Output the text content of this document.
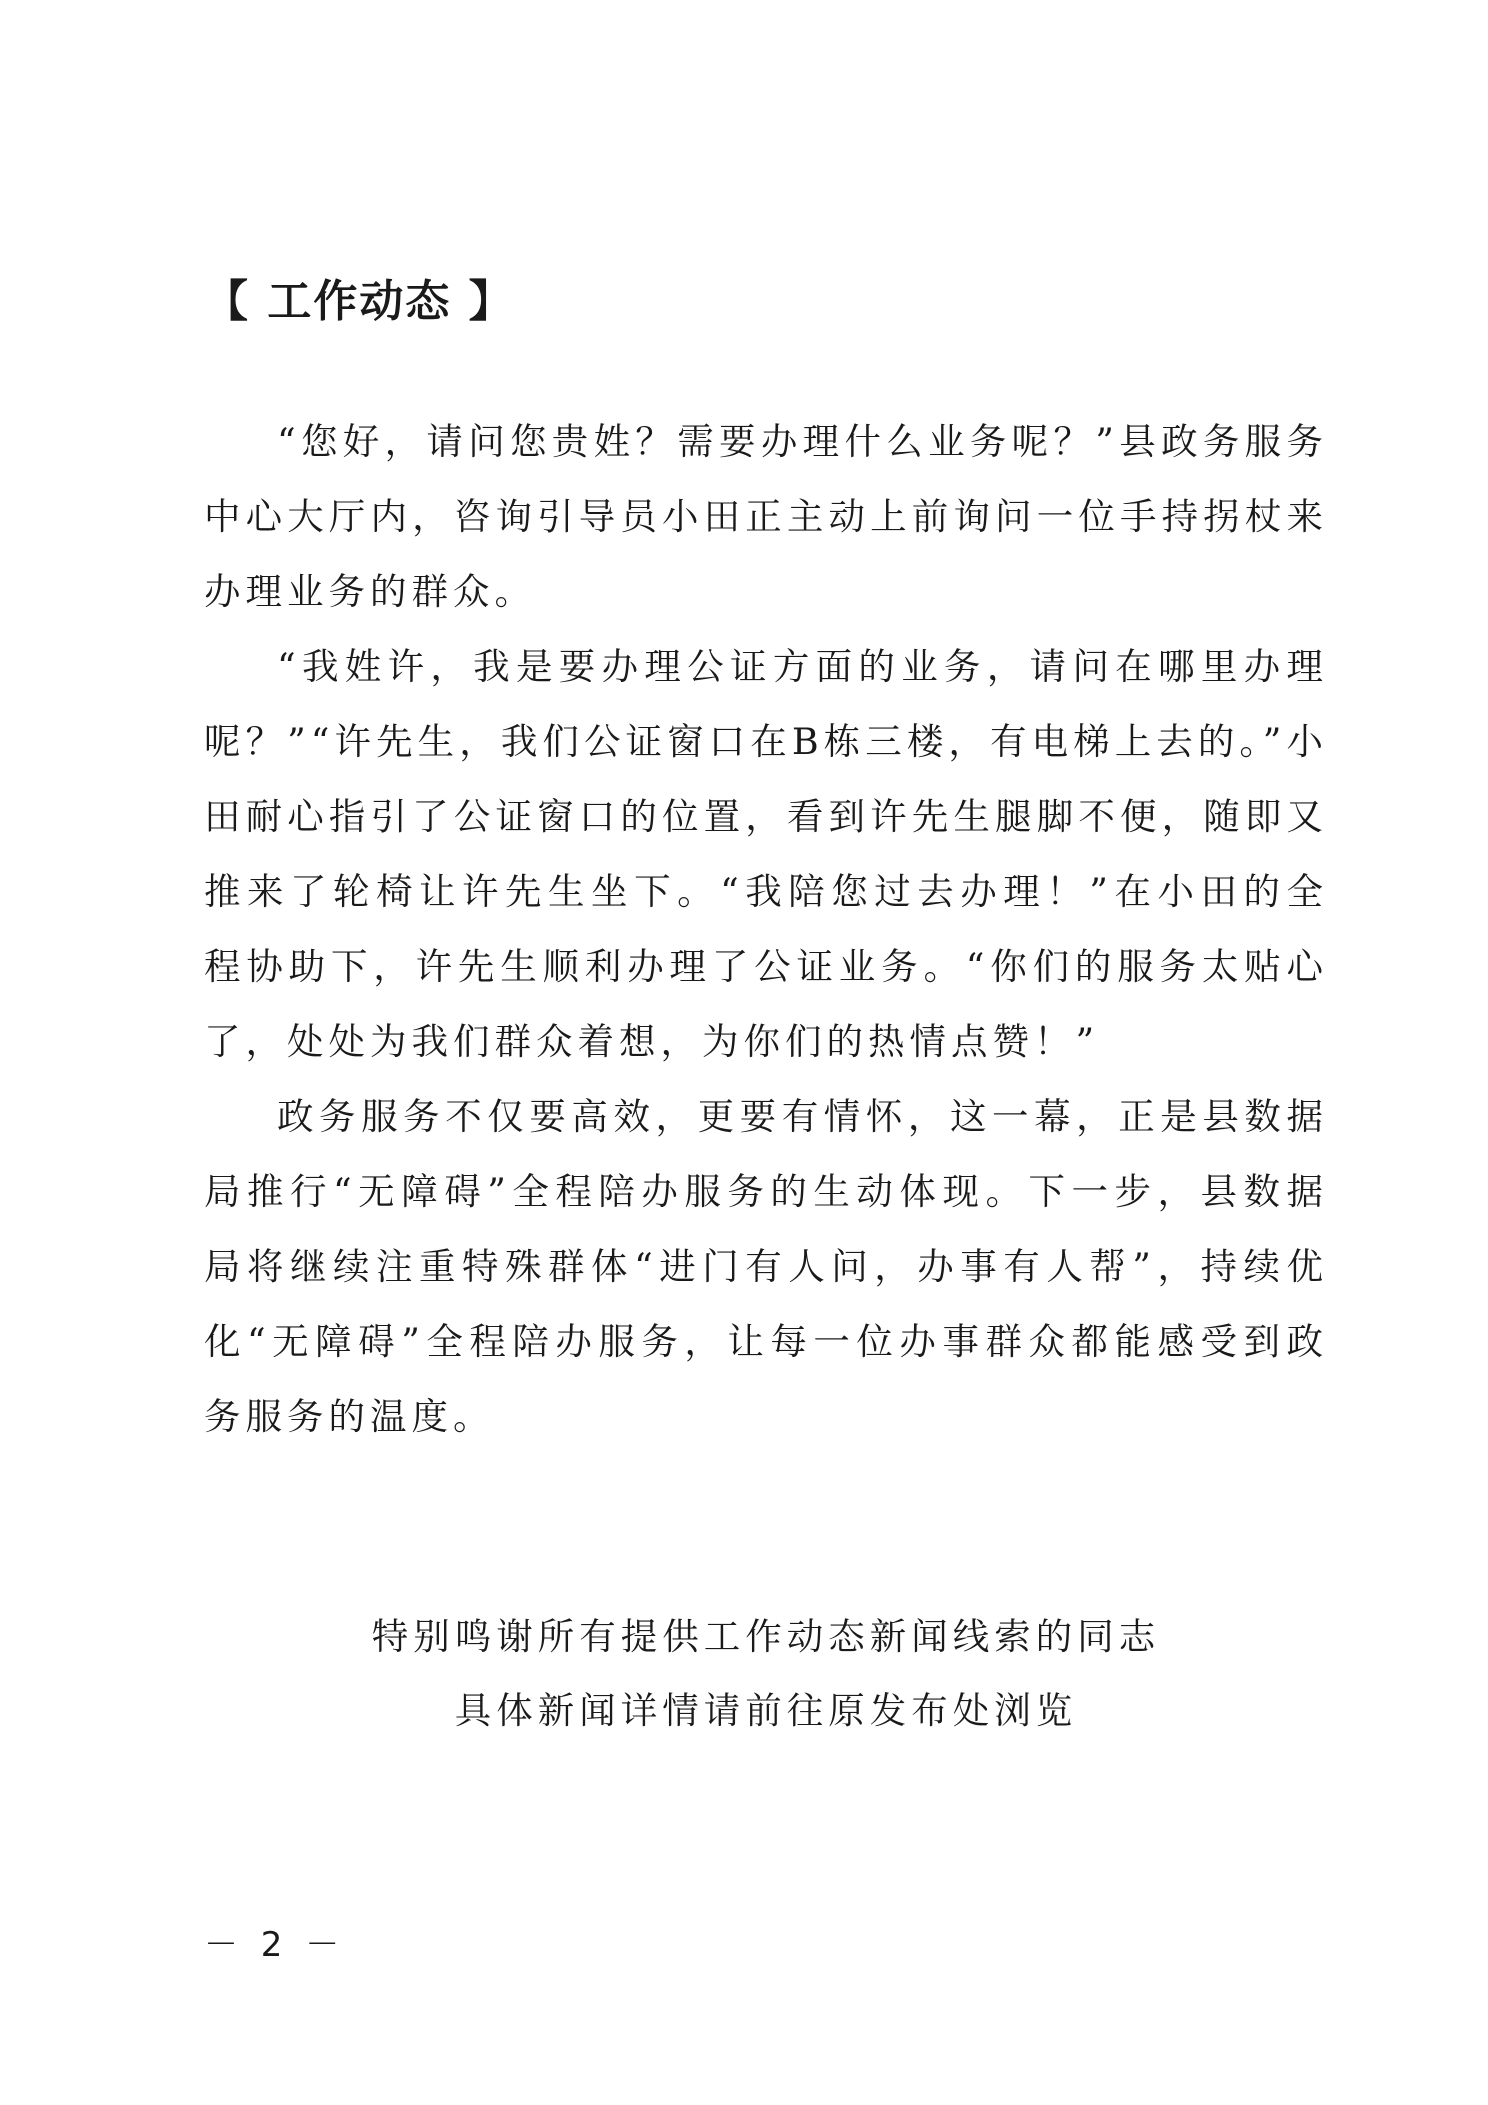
【 工作动态 】

“您好，请问您贵姓？需要办理什么业务呢？”县政务服务中心大厅内，咨询引导员小田正主动上前询问一位手持拐杖来办理业务的群众。

“我姓许，我是要办理公证方面的业务，请问在哪里办理呢？”“许先生，我们公证窗口在B栋三楼，有电梯上去的。”小田耐心指引了公证窗口的位置，看到许先生腿脚不便，随即又推来了轮椅让许先生坐下。“我陪您过去办理！”在小田的全程协助下，许先生顺利办理了公证业务。“你们的服务太贴心了，处处为我们群众着想，为你们的热情点赞！”

政务服务不仅要高效，更要有情怀，这一幕，正是县数据局推行“无障碍”全程陪办服务的生动体现。下一步，县数据局将继续注重特殊群体“进门有人问，办事有人帮”，持续优化“无障碍”全程陪办服务，让每一位办事群众都能感受到政务服务的温度。

特别鸣谢所有提供工作动态新闻线索的同志
具体新闻详情请前往原发布处浏览
－ 2 －
